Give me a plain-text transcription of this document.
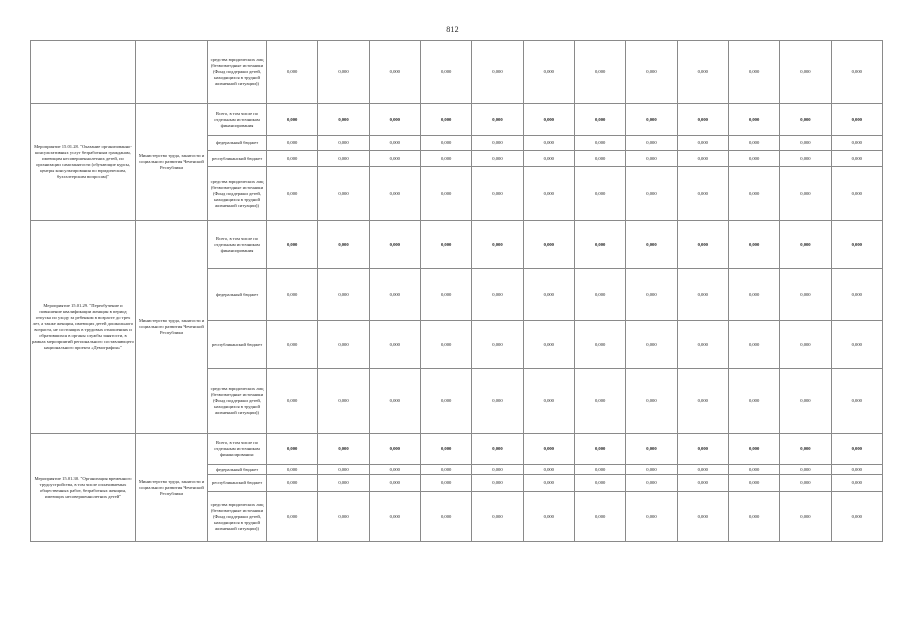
812
		средства юридических лиц (безвозмездные источники (Фонд поддержки детей, находящихся в трудной жизненной ситуации))	0,000	0,000	0,000	0,000	0,000	0,000	0,000	0,000	0,000	0,000	0,000	0,000
Мероприятие 15.01.28. "Оказание организованно-консультативных услуг безработным гражданам, имеющим несовершеннолетних детей, по организации самозанятости (обучающие курсы, центры консультирования по юридическим, бухгалтерским вопросам)"	Министерство труда, занятости и социального развития Чеченской Республики	Всего, в том числе по отдельным источникам финансирования	0,000	0,000	0,000	0,000	0,000	0,000	0,000	0,000	0,000	0,000	0,000	0,000
		федеральный бюджет	0,000	0,000	0,000	0,000	0,000	0,000	0,000	0,000	0,000	0,000	0,000	0,000
		республиканский бюджет	0,000	0,000	0,000	0,000	0,000	0,000	0,000	0,000	0,000	0,000	0,000	0,000
		средства юридических лиц (безвозмездные источники (Фонд поддержки детей, находящихся в трудной жизненной ситуации))	0,000	0,000	0,000	0,000	0,000	0,000	0,000	0,000	0,000	0,000	0,000	0,000
Мероприятие 15.01.29. "Переобучение и повышение квалификации женщин в период отпуска по уходу за ребенком в возрасте до трех лет, а также женщин, имеющих детей дошкольного возраста, не состоящих в трудовых отношениях и обратившихся в органы службы занятости, в рамках мероприятий регионального составляющего национального проекта «Демография»"	Министерство труда, занятости и социального развития Чеченской Республики	Всего, в том числе по отдельным источникам финансирования	0,000	0,000	0,000	0,000	0,000	0,000	0,000	0,000	0,000	0,000	0,000	0,000
		федеральный бюджет	0,000	0,000	0,000	0,000	0,000	0,000	0,000	0,000	0,000	0,000	0,000	0,000
		республиканский бюджет	0,000	0,000	0,000	0,000	0,000	0,000	0,000	0,000	0,000	0,000	0,000	0,000
		средства юридических лиц (безвозмездные источники (Фонд поддержки детей, находящихся в трудной жизненной ситуации))	0,000	0,000	0,000	0,000	0,000	0,000	0,000	0,000	0,000	0,000	0,000	0,000
Мероприятие 15.01.30. "Организация временного трудоустройства, в том числе оплачиваемых общественных работ, безработных женщин, имеющих несовершеннолетних детей"	Министерство труда, занятости и социального развития Чеченской Республики	Всего, в том числе по отдельным источникам финансирования:	0,000	0,000	0,000	0,000	0,000	0,000	0,000	0,000	0,000	0,000	0,000	0,000
		федеральный бюджет	0,000	0,000	0,000	0,000	0,000	0,000	0,000	0,000	0,000	0,000	0,000	0,000
		республиканский бюджет	0,000	0,000	0,000	0,000	0,000	0,000	0,000	0,000	0,000	0,000	0,000	0,000
		средства юридических лиц (безвозмездные источники (Фонд поддержки детей, находящихся в трудной жизненной ситуации))	0,000	0,000	0,000	0,000	0,000	0,000	0,000	0,000	0,000	0,000	0,000	0,000
